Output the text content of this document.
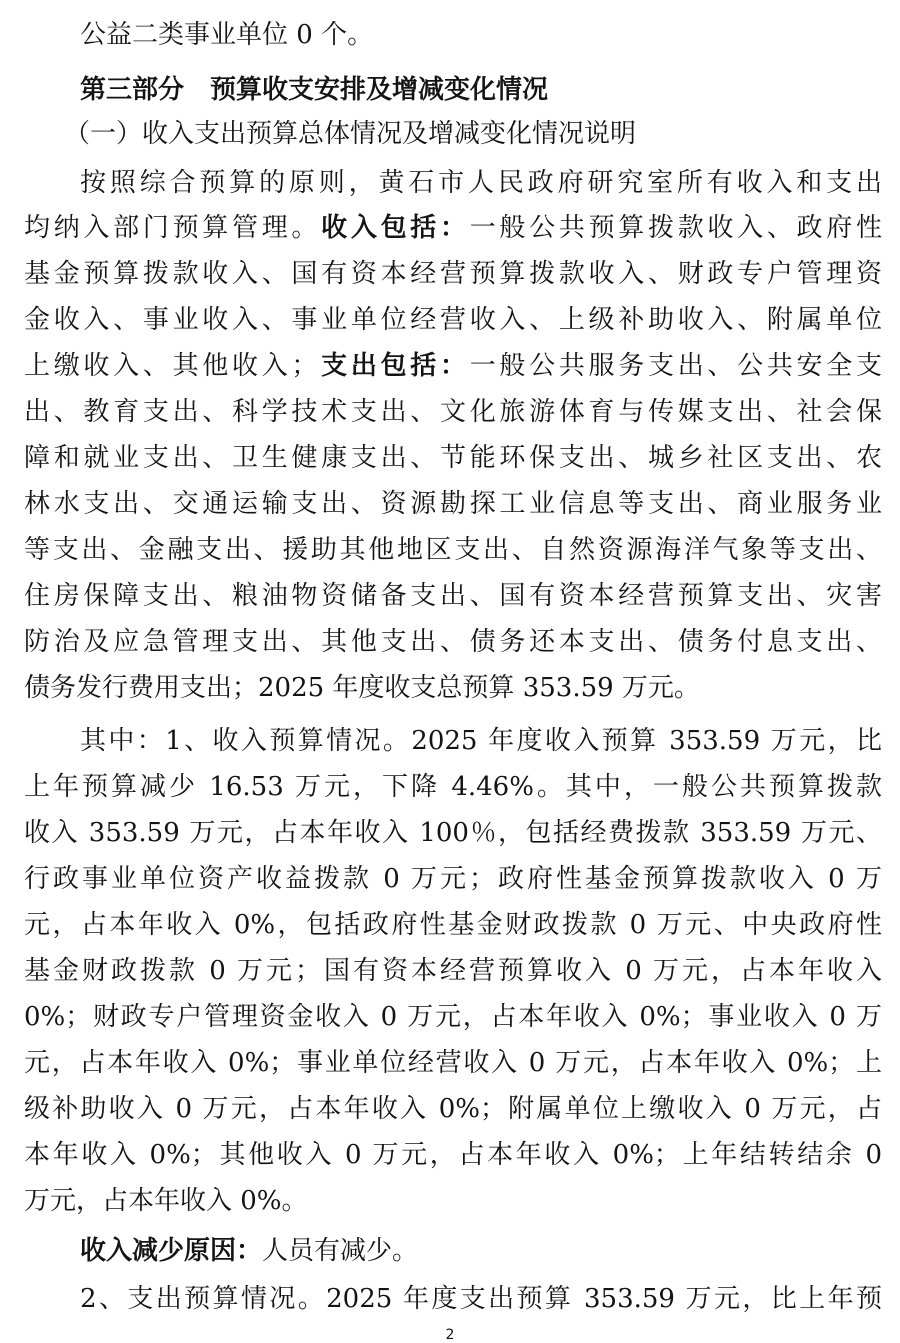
公益二类事业单位 0 个。
第三部分　预算收支安排及增减变化情况
（一）收入支出预算总体情况及增减变化情况说明
按照综合预算的原则，黄石市人民政府研究室所有收入和支出
均纳入部门预算管理。收入包括：一般公共预算拨款收入、政府性
基金预算拨款收入、国有资本经营预算拨款收入、财政专户管理资
金收入、事业收入、事业单位经营收入、上级补助收入、附属单位
上缴收入、其他收入；支出包括：一般公共服务支出、公共安全支
出、教育支出、科学技术支出、文化旅游体育与传媒支出、社会保
障和就业支出、卫生健康支出、节能环保支出、城乡社区支出、农
林水支出、交通运输支出、资源勘探工业信息等支出、商业服务业
等支出、金融支出、援助其他地区支出、自然资源海洋气象等支出、
住房保障支出、粮油物资储备支出、国有资本经营预算支出、灾害
防治及应急管理支出、其他支出、债务还本支出、债务付息支出、
债务发行费用支出；2025 年度收支总预算 353.59 万元。
其中：1、收入预算情况。2025 年度收入预算 353.59 万元，比
上年预算减少 16.53 万元，下降 4.46%。其中，一般公共预算拨款
收入 353.59 万元，占本年收入 100％，包括经费拨款 353.59 万元、
行政事业单位资产收益拨款 0 万元；政府性基金预算拨款收入 0 万
元，占本年收入 0%，包括政府性基金财政拨款 0 万元、中央政府性
基金财政拨款 0 万元；国有资本经营预算收入 0 万元，占本年收入
0%；财政专户管理资金收入 0 万元，占本年收入 0%；事业收入 0 万
元，占本年收入 0%；事业单位经营收入 0 万元，占本年收入 0%；上
级补助收入 0 万元，占本年收入 0%；附属单位上缴收入 0 万元，占
本年收入 0%；其他收入 0 万元，占本年收入 0%；上年结转结余 0
万元，占本年收入 0%。
收入减少原因：人员有减少。
2、支出预算情况。2025 年度支出预算 353.59 万元，比上年预
2
